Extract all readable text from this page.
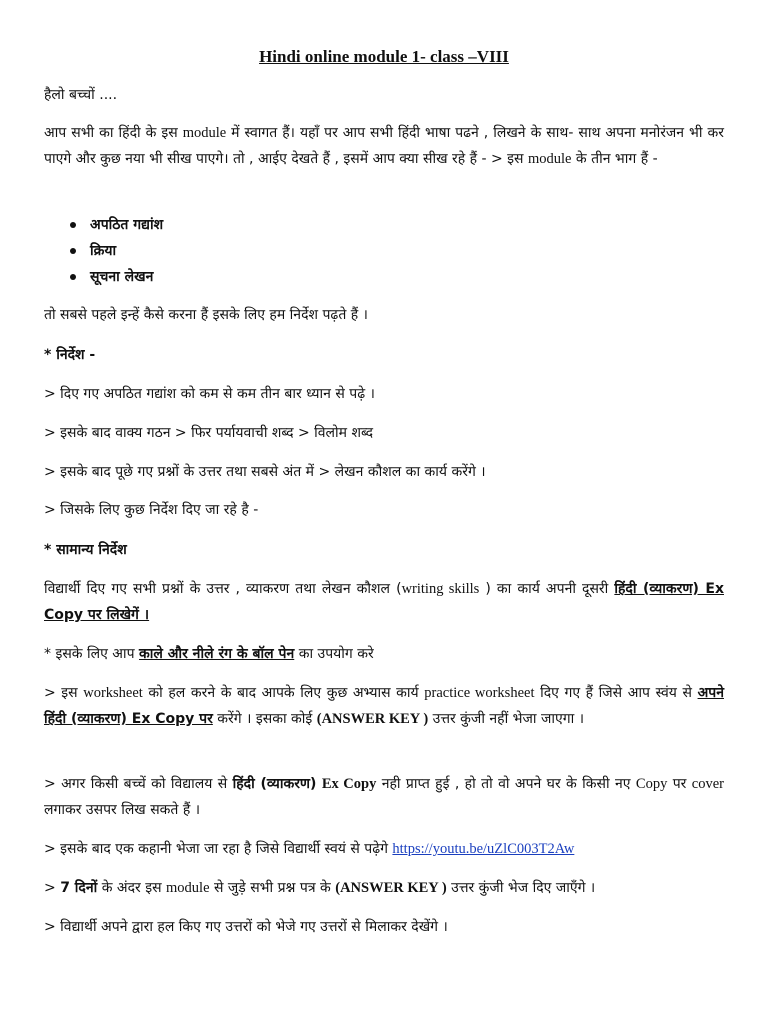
Hindi online module 1- class –VIII
हैलो बच्चों ....
आप सभी का हिंदी के इस module में स्वागत हैं। यहाँ पर आप सभी हिंदी भाषा पढने , लिखने के साथ- साथ अपना मनोरंजन भी कर पाएगे और कुछ नया भी सीख पाएगे। तो , आईए देखते हैं , इसमें आप क्या सीख रहे हैं - > इस module के तीन भाग हैं -
अपठित गद्यांश
क्रिया
सूचना लेखन
तो सबसे पहले इन्हें कैसे करना हैं इसके लिए हम निर्देश पढ़ते हैं ।
* निर्देश -
> दिए गए अपठित गद्यांश को कम से कम तीन बार ध्यान से पढ़े ।
> इसके बाद वाक्य गठन > फिर पर्यायवाची शब्द > विलोम शब्द
> इसके बाद पूछे गए प्रश्नों के उत्तर तथा सबसे अंत में > लेखन कौशल का कार्य करेंगे ।
> जिसके लिए कुछ निर्देश दिए जा रहे है -
* सामान्य निर्देश
विद्यार्थी दिए गए सभी प्रश्नों के उत्तर , व्याकरण तथा लेखन कौशल (writing skills ) का कार्य अपनी दूसरी हिंदी (व्याकरण) Ex Copy पर लिखेगें ।
* इसके लिए आप काले और नीले रंग के बॉल पेन का उपयोग करे
> इस worksheet को हल करने के बाद आपके लिए कुछ अभ्यास कार्य practice worksheet दिए गए हैं जिसे आप स्वंय से अपने हिंदी (व्याकरण) Ex Copy पर करेंगे । इसका कोई (ANSWER KEY ) उत्तर कुंजी नहीं भेजा जाएगा ।
> अगर किसी बच्चें को विद्यालय से हिंदी (व्याकरण) Ex Copy नही प्राप्त हुई , हो तो वो अपने घर के किसी नए Copy पर cover लगाकर उसपर लिख सकते हैं ।
> इसके बाद एक कहानी भेजा जा रहा है जिसे विद्यार्थी स्वयं से पढ़ेगे https://youtu.be/uZlC003T2Aw
> 7 दिनों के अंदर इस module से जुड़े सभी प्रश्न पत्र के (ANSWER KEY ) उत्तर कुंजी भेज दिए जाएँगे ।
> विद्यार्थी अपने द्वारा हल किए गए उत्तरों को भेजे गए उत्तरों से मिलाकर देखेंगे ।
